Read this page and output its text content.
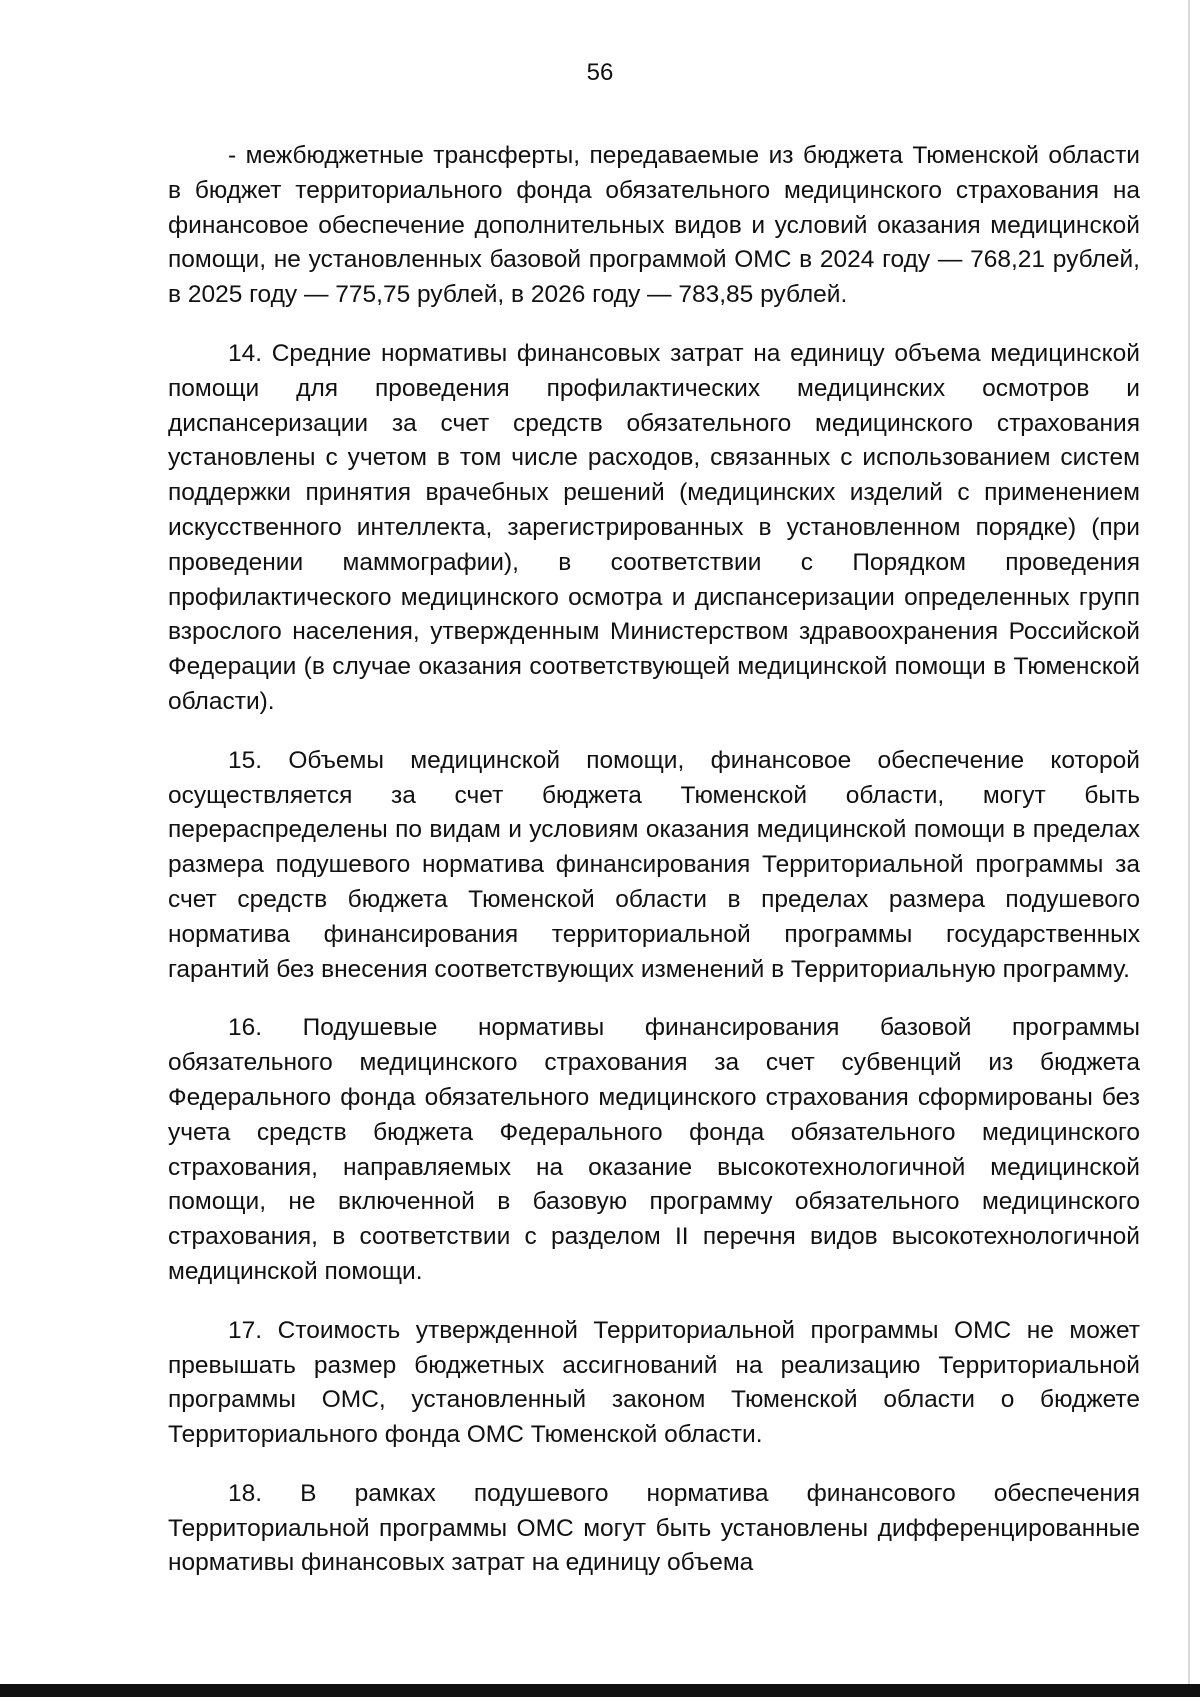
56

- межбюджетные трансферты, передаваемые из бюджета Тюменской области в бюджет территориального фонда обязательного медицинского страхования на финансовое обеспечение дополнительных видов и условий оказания медицинской помощи, не установленных базовой программой ОМС в 2024 году — 768,21 рублей, в 2025 году — 775,75 рублей, в 2026 году — 783,85 рублей.

14. Средние нормативы финансовых затрат на единицу объема медицинской помощи для проведения профилактических медицинских осмотров и диспансеризации за счет средств обязательного медицинского страхования установлены с учетом в том числе расходов, связанных с использованием систем поддержки принятия врачебных решений (медицинских изделий с применением искусственного интеллекта, зарегистрированных в установленном порядке) (при проведении маммографии), в соответствии с Порядком проведения профилактического медицинского осмотра и диспансеризации определенных групп взрослого населения, утвержденным Министерством здравоохранения Российской Федерации (в случае оказания соответствующей медицинской помощи в Тюменской области).

15. Объемы медицинской помощи, финансовое обеспечение которой осуществляется за счет бюджета Тюменской области, могут быть перераспределены по видам и условиям оказания медицинской помощи в пределах размера подушевого норматива финансирования Территориальной программы за счет средств бюджета Тюменской области в пределах размера подушевого норматива финансирования территориальной программы государственных гарантий без внесения соответствующих изменений в Территориальную программу.

16. Подушевые нормативы финансирования базовой программы обязательного медицинского страхования за счет субвенций из бюджета Федерального фонда обязательного медицинского страхования сформированы без учета средств бюджета Федерального фонда обязательного медицинского страхования, направляемых на оказание высокотехнологичной медицинской помощи, не включенной в базовую программу обязательного медицинского страхования, в соответствии с разделом II перечня видов высокотехнологичной медицинской помощи.

17. Стоимость утвержденной Территориальной программы ОМС не может превышать размер бюджетных ассигнований на реализацию Территориальной программы ОМС, установленный законом Тюменской области о бюджете Территориального фонда ОМС Тюменской области.

18. В рамках подушевого норматива финансового обеспечения Территориальной программы ОМС могут быть установлены дифференцированные нормативы финансовых затрат на единицу объема
